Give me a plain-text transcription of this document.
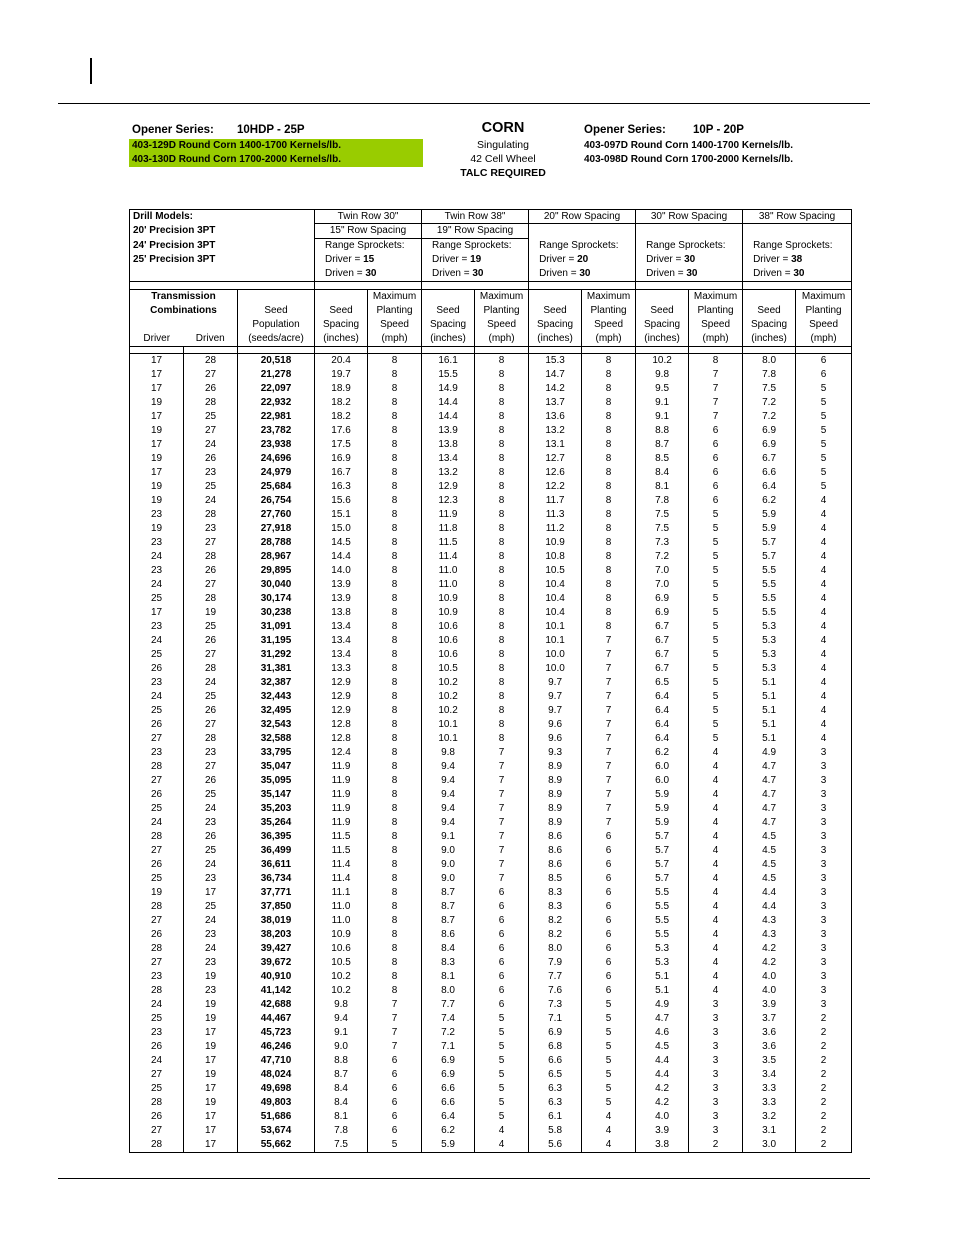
Opener Series: 10HDP - 25P
403-129D Round Corn 1400-1700 Kernels/lb.
403-130D Round Corn 1700-2000 Kernels/lb.
CORN
Singulating
42 Cell Wheel
TALC REQUIRED
Opener Series: 10P - 20P
403-097D Round Corn 1400-1700 Kernels/lb.
403-098D Round Corn 1700-2000 Kernels/lb.
Drill Models:			Twin Row 30"		Twin Row 38"		20" Row Spacing		30" Row Spacing		38" Row Spacing	
20' Precision 3PT			15" Row Spacing		19" Row Spacing							
24' Precision 3PT			Range Sprockets:		Range Sprockets:		Range Sprockets:		Range Sprockets:		Range Sprockets:	
25' Precision 3PT			Driver = 15		Driver = 19		Driver = 20		Driver = 30		Driver = 38	
			Driven = 30		Driven = 30		Driven = 30		Driven = 30		Driven = 30	

Transmission				Maximum		Maximum		Maximum		Maximum		Maximum
Combinations		Seed	Seed	Planting	Seed	Planting	Seed	Planting	Seed	Planting	Seed	Planting
		Population	Spacing	Speed	Spacing	Speed	Spacing	Speed	Spacing	Speed	Spacing	Speed
Driver	Driven	(seeds/acre)	(inches)	(mph)	(inches)	(mph)	(inches)	(mph)	(inches)	(mph)	(inches)	(mph)

17	28	20,518	20.4	8	16.1	8	15.3	8	10.2	8	8.0	6
17	27	21,278	19.7	8	15.5	8	14.7	8	9.8	7	7.8	6
17	26	22,097	18.9	8	14.9	8	14.2	8	9.5	7	7.5	5
19	28	22,932	18.2	8	14.4	8	13.7	8	9.1	7	7.2	5
17	25	22,981	18.2	8	14.4	8	13.6	8	9.1	7	7.2	5
19	27	23,782	17.6	8	13.9	8	13.2	8	8.8	6	6.9	5
17	24	23,938	17.5	8	13.8	8	13.1	8	8.7	6	6.9	5
19	26	24,696	16.9	8	13.4	8	12.7	8	8.5	6	6.7	5
17	23	24,979	16.7	8	13.2	8	12.6	8	8.4	6	6.6	5
19	25	25,684	16.3	8	12.9	8	12.2	8	8.1	6	6.4	5
19	24	26,754	15.6	8	12.3	8	11.7	8	7.8	6	6.2	4
23	28	27,760	15.1	8	11.9	8	11.3	8	7.5	5	5.9	4
19	23	27,918	15.0	8	11.8	8	11.2	8	7.5	5	5.9	4
23	27	28,788	14.5	8	11.5	8	10.9	8	7.3	5	5.7	4
24	28	28,967	14.4	8	11.4	8	10.8	8	7.2	5	5.7	4
23	26	29,895	14.0	8	11.0	8	10.5	8	7.0	5	5.5	4
24	27	30,040	13.9	8	11.0	8	10.4	8	7.0	5	5.5	4
25	28	30,174	13.9	8	10.9	8	10.4	8	6.9	5	5.5	4
17	19	30,238	13.8	8	10.9	8	10.4	8	6.9	5	5.5	4
23	25	31,091	13.4	8	10.6	8	10.1	8	6.7	5	5.3	4
24	26	31,195	13.4	8	10.6	8	10.1	7	6.7	5	5.3	4
25	27	31,292	13.4	8	10.6	8	10.0	7	6.7	5	5.3	4
26	28	31,381	13.3	8	10.5	8	10.0	7	6.7	5	5.3	4
23	24	32,387	12.9	8	10.2	8	9.7	7	6.5	5	5.1	4
24	25	32,443	12.9	8	10.2	8	9.7	7	6.4	5	5.1	4
25	26	32,495	12.9	8	10.2	8	9.7	7	6.4	5	5.1	4
26	27	32,543	12.8	8	10.1	8	9.6	7	6.4	5	5.1	4
27	28	32,588	12.8	8	10.1	8	9.6	7	6.4	5	5.1	4
23	23	33,795	12.4	8	9.8	7	9.3	7	6.2	4	4.9	3
28	27	35,047	11.9	8	9.4	7	8.9	7	6.0	4	4.7	3
27	26	35,095	11.9	8	9.4	7	8.9	7	6.0	4	4.7	3
26	25	35,147	11.9	8	9.4	7	8.9	7	5.9	4	4.7	3
25	24	35,203	11.9	8	9.4	7	8.9	7	5.9	4	4.7	3
24	23	35,264	11.9	8	9.4	7	8.9	7	5.9	4	4.7	3
28	26	36,395	11.5	8	9.1	7	8.6	6	5.7	4	4.5	3
27	25	36,499	11.5	8	9.0	7	8.6	6	5.7	4	4.5	3
26	24	36,611	11.4	8	9.0	7	8.6	6	5.7	4	4.5	3
25	23	36,734	11.4	8	9.0	7	8.5	6	5.7	4	4.5	3
19	17	37,771	11.1	8	8.7	6	8.3	6	5.5	4	4.4	3
28	25	37,850	11.0	8	8.7	6	8.3	6	5.5	4	4.4	3
27	24	38,019	11.0	8	8.7	6	8.2	6	5.5	4	4.3	3
26	23	38,203	10.9	8	8.6	6	8.2	6	5.5	4	4.3	3
28	24	39,427	10.6	8	8.4	6	8.0	6	5.3	4	4.2	3
27	23	39,672	10.5	8	8.3	6	7.9	6	5.3	4	4.2	3
23	19	40,910	10.2	8	8.1	6	7.7	6	5.1	4	4.0	3
28	23	41,142	10.2	8	8.0	6	7.6	6	5.1	4	4.0	3
24	19	42,688	9.8	7	7.7	6	7.3	5	4.9	3	3.9	3
25	19	44,467	9.4	7	7.4	5	7.1	5	4.7	3	3.7	2
23	17	45,723	9.1	7	7.2	5	6.9	5	4.6	3	3.6	2
26	19	46,246	9.0	7	7.1	5	6.8	5	4.5	3	3.6	2
24	17	47,710	8.8	6	6.9	5	6.6	5	4.4	3	3.5	2
27	19	48,024	8.7	6	6.9	5	6.5	5	4.4	3	3.4	2
25	17	49,698	8.4	6	6.6	5	6.3	5	4.2	3	3.3	2
28	19	49,803	8.4	6	6.6	5	6.3	5	4.2	3	3.3	2
26	17	51,686	8.1	6	6.4	5	6.1	4	4.0	3	3.2	2
27	17	53,674	7.8	6	6.2	4	5.8	4	3.9	3	3.1	2
28	17	55,662	7.5	5	5.9	4	5.6	4	3.8	2	3.0	2
